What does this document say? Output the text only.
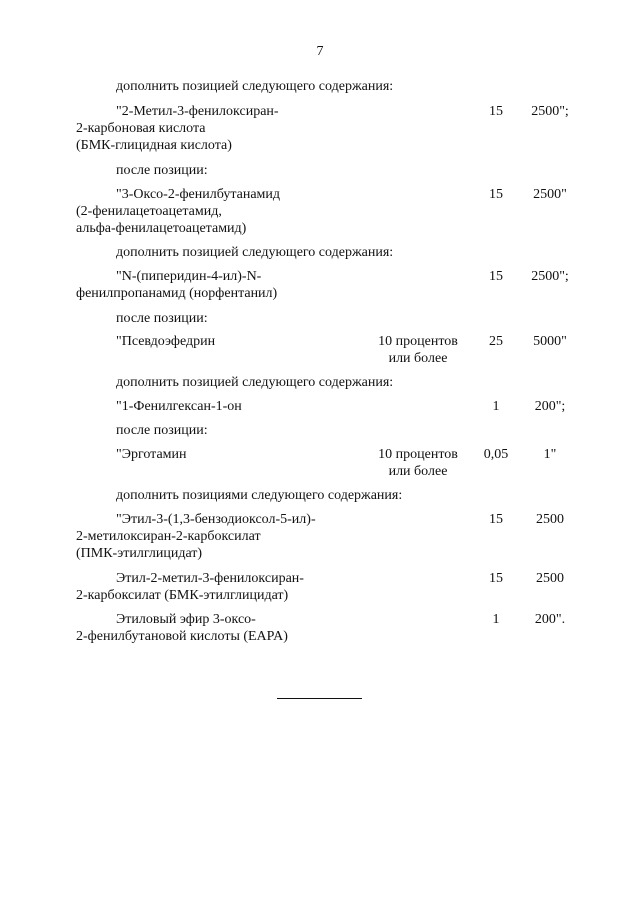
7
дополнить позицией следующего содержания:
"2-Метил-3-фенилоксиран-
2-карбоновая кислота
(БМК-глицидная кислота)
15	2500";
после позиции:
"3-Оксо-2-фенилбутанамид
(2-фенилацетоацетамид,
альфа-фенилацетоацетамид)
15	2500"
дополнить позицией следующего содержания:
"N-(пиперидин-4-ил)-N-
фенилпропанамид (норфентанил)
15	2500";
после позиции:
"Псевдоэфедрин	10 процентов
или более
25	5000"
дополнить позицией следующего содержания:
"1-Фенилгексан-1-он	1	200";
после позиции:
"Эрготамин	10 процентов
или более
0,05	1"
дополнить позициями следующего содержания:
"Этил-3-(1,3-бензодиоксол-5-ил)-
2-метилоксиран-2-карбоксилат
(ПМК-этилглицидат)
15	2500
Этил-2-метил-3-фенилоксиран-
2-карбоксилат (БМК-этилглицидат)
15	2500
Этиловый эфир 3-оксо-
2-фенилбутановой кислоты (EAPA)
1	200".
